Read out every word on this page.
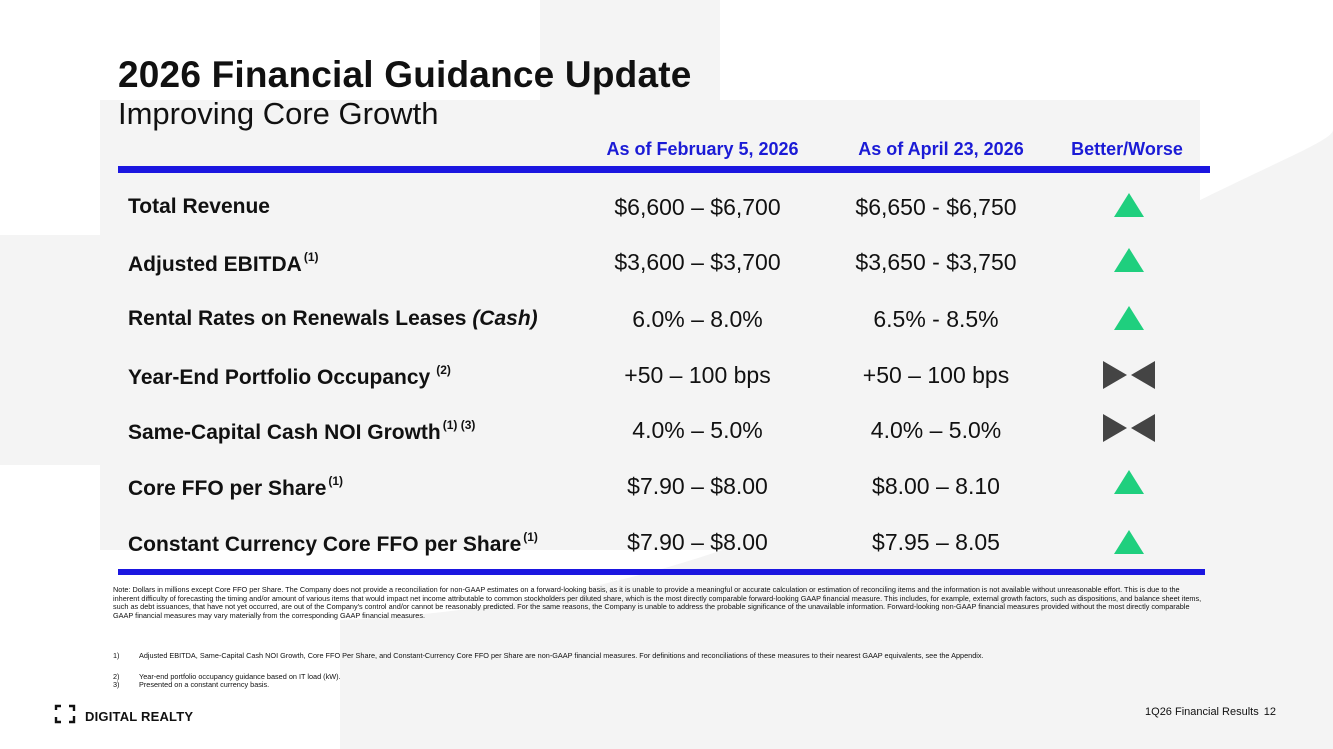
2026 Financial Guidance Update
Improving Core Growth
As of February 5, 2026	As of April 23, 2026	Better/Worse
Total Revenue	$6,600 – $6,700	$6,650 - $6,750
Adjusted EBITDA $^{(1)}$	$3,600 – $3,700	$3,650 - $3,750
Rental Rates on Renewals Leases (Cash)	6.0% – 8.0%	6.5% - 8.5%
Year-End Portfolio Occupancy $^{(2)}$	+50 – 100 bps	+50 – 100 bps
Same-Capital Cash NOI Growth $^{(1) (3)}$	4.0% – 5.0%	4.0% – 5.0%
Core FFO per Share $^{(1)}$	$7.90 – $8.00	$8.00 – 8.10
Constant Currency Core FFO per Share $^{(1)}$	$7.90 – $8.00	$7.95 – 8.05
Note: Dollars in millions except Core FFO per Share. The Company does not provide a reconciliation for non-GAAP estimates on a forward-looking basis, as it is unable to provide a meaningful or accurate calculation or estimation of reconciling items and the information is not available without unreasonable effort. This is due to the inherent difficulty of forecasting the timing and/or amount of various items that would impact net income attributable to common stockholders per diluted share, which is the most directly comparable forward-looking GAAP financial measure. This includes, for example, external growth factors, such as dispositions, and balance sheet items, such as debt issuances, that have not yet occurred, are out of the Company's control and/or cannot be reasonably predicted. For the same reasons, the Company is unable to address the probable significance of the unavailable information. Forward-looking non-GAAP financial measures provided without the most directly comparable GAAP financial measures may vary materially from the corresponding GAAP financial measures.
1)	Adjusted EBITDA, Same-Capital Cash NOI Growth, Core FFO Per Share, and Constant-Currency Core FFO per Share are non-GAAP financial measures. For definitions and reconciliations of these measures to their nearest GAAP equivalents, see the Appendix.
2)	Year-end portfolio occupancy guidance based on IT load (kW).
3)	Presented on a constant currency basis.
DIGITAL REALTY	1Q26 Financial Results 12
